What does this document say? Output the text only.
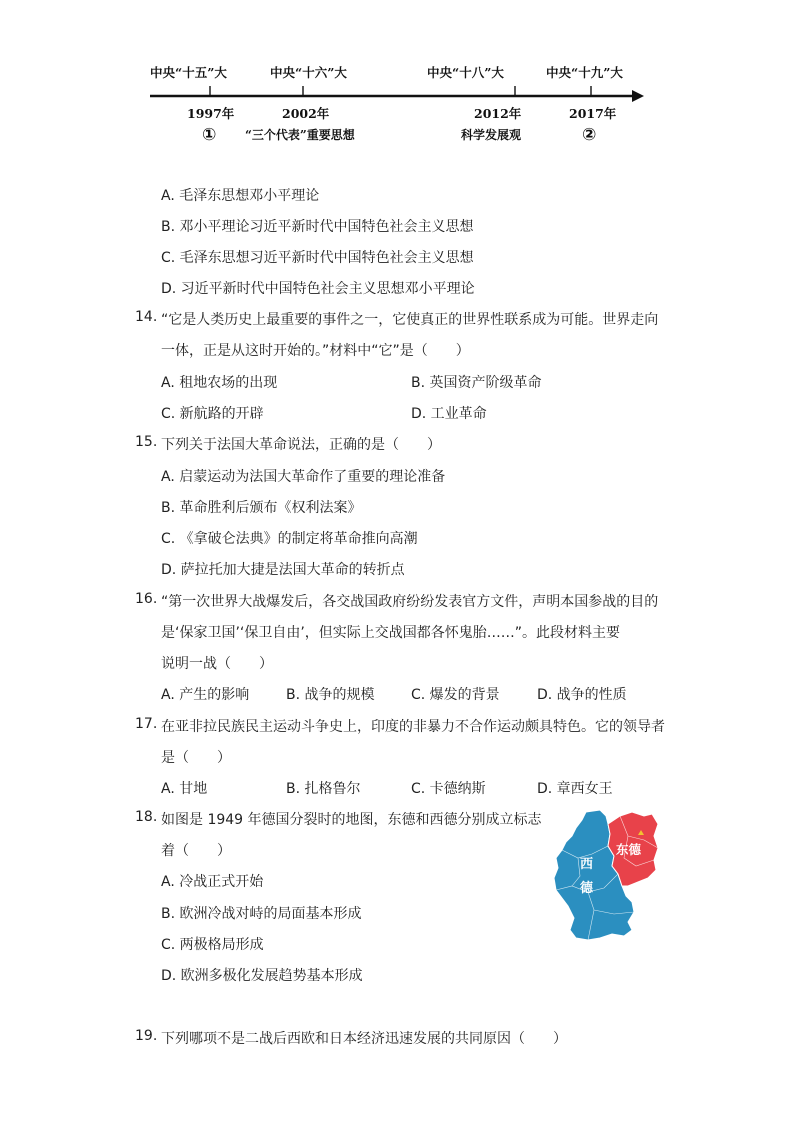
中央“十五”大	中央“十六”大	中央“十八”大	中央“十九”大
1997年	2002年	2012年	2017年
① “三个代表”重要思想	科学发展观	②
A. 毛泽东思想邓小平理论
B. 邓小平理论习近平新时代中国特色社会主义思想
C. 毛泽东思想习近平新时代中国特色社会主义思想
D. 习近平新时代中国特色社会主义思想邓小平理论
14. “它是人类历史上最重要的事件之一，它使真正的世界性联系成为可能。世界走向
一体，正是从这时开始的。”材料中“它”是（　　）
A. 租地农场的出现	B. 英国资产阶级革命
C. 新航路的开辟	D. 工业革命
15. 下列关于法国大革命说法，正确的是（　　）
A. 启蒙运动为法国大革命作了重要的理论准备
B. 革命胜利后颁布《权利法案》
C. 《拿破仑法典》的制定将革命推向高潮
D. 萨拉托加大捷是法国大革命的转折点
16. “第一次世界大战爆发后，各交战国政府纷纷发表官方文件，声明本国参战的目的
是‘保家卫国’‘保卫自由’，但实际上交战国都各怀鬼胎……”。此段材料主要
说明一战（　　）
A. 产生的影响	B. 战争的规模	C. 爆发的背景	D. 战争的性质
17. 在亚非拉民族民主运动斗争史上，印度的非暴力不合作运动颇具特色。它的领导者
是（　　）
A. 甘地	B. 扎格鲁尔	C. 卡德纳斯	D. 章西女王
18. 如图是 1949 年德国分裂时的地图，东德和西德分别成立标志
着（　　）
A. 冷战正式开始
B. 欧洲冷战对峙的局面基本形成
C. 两极格局形成
D. 欧洲多极化发展趋势基本形成
西
德
东德
19. 下列哪项不是二战后西欧和日本经济迅速发展的共同原因（　　）
